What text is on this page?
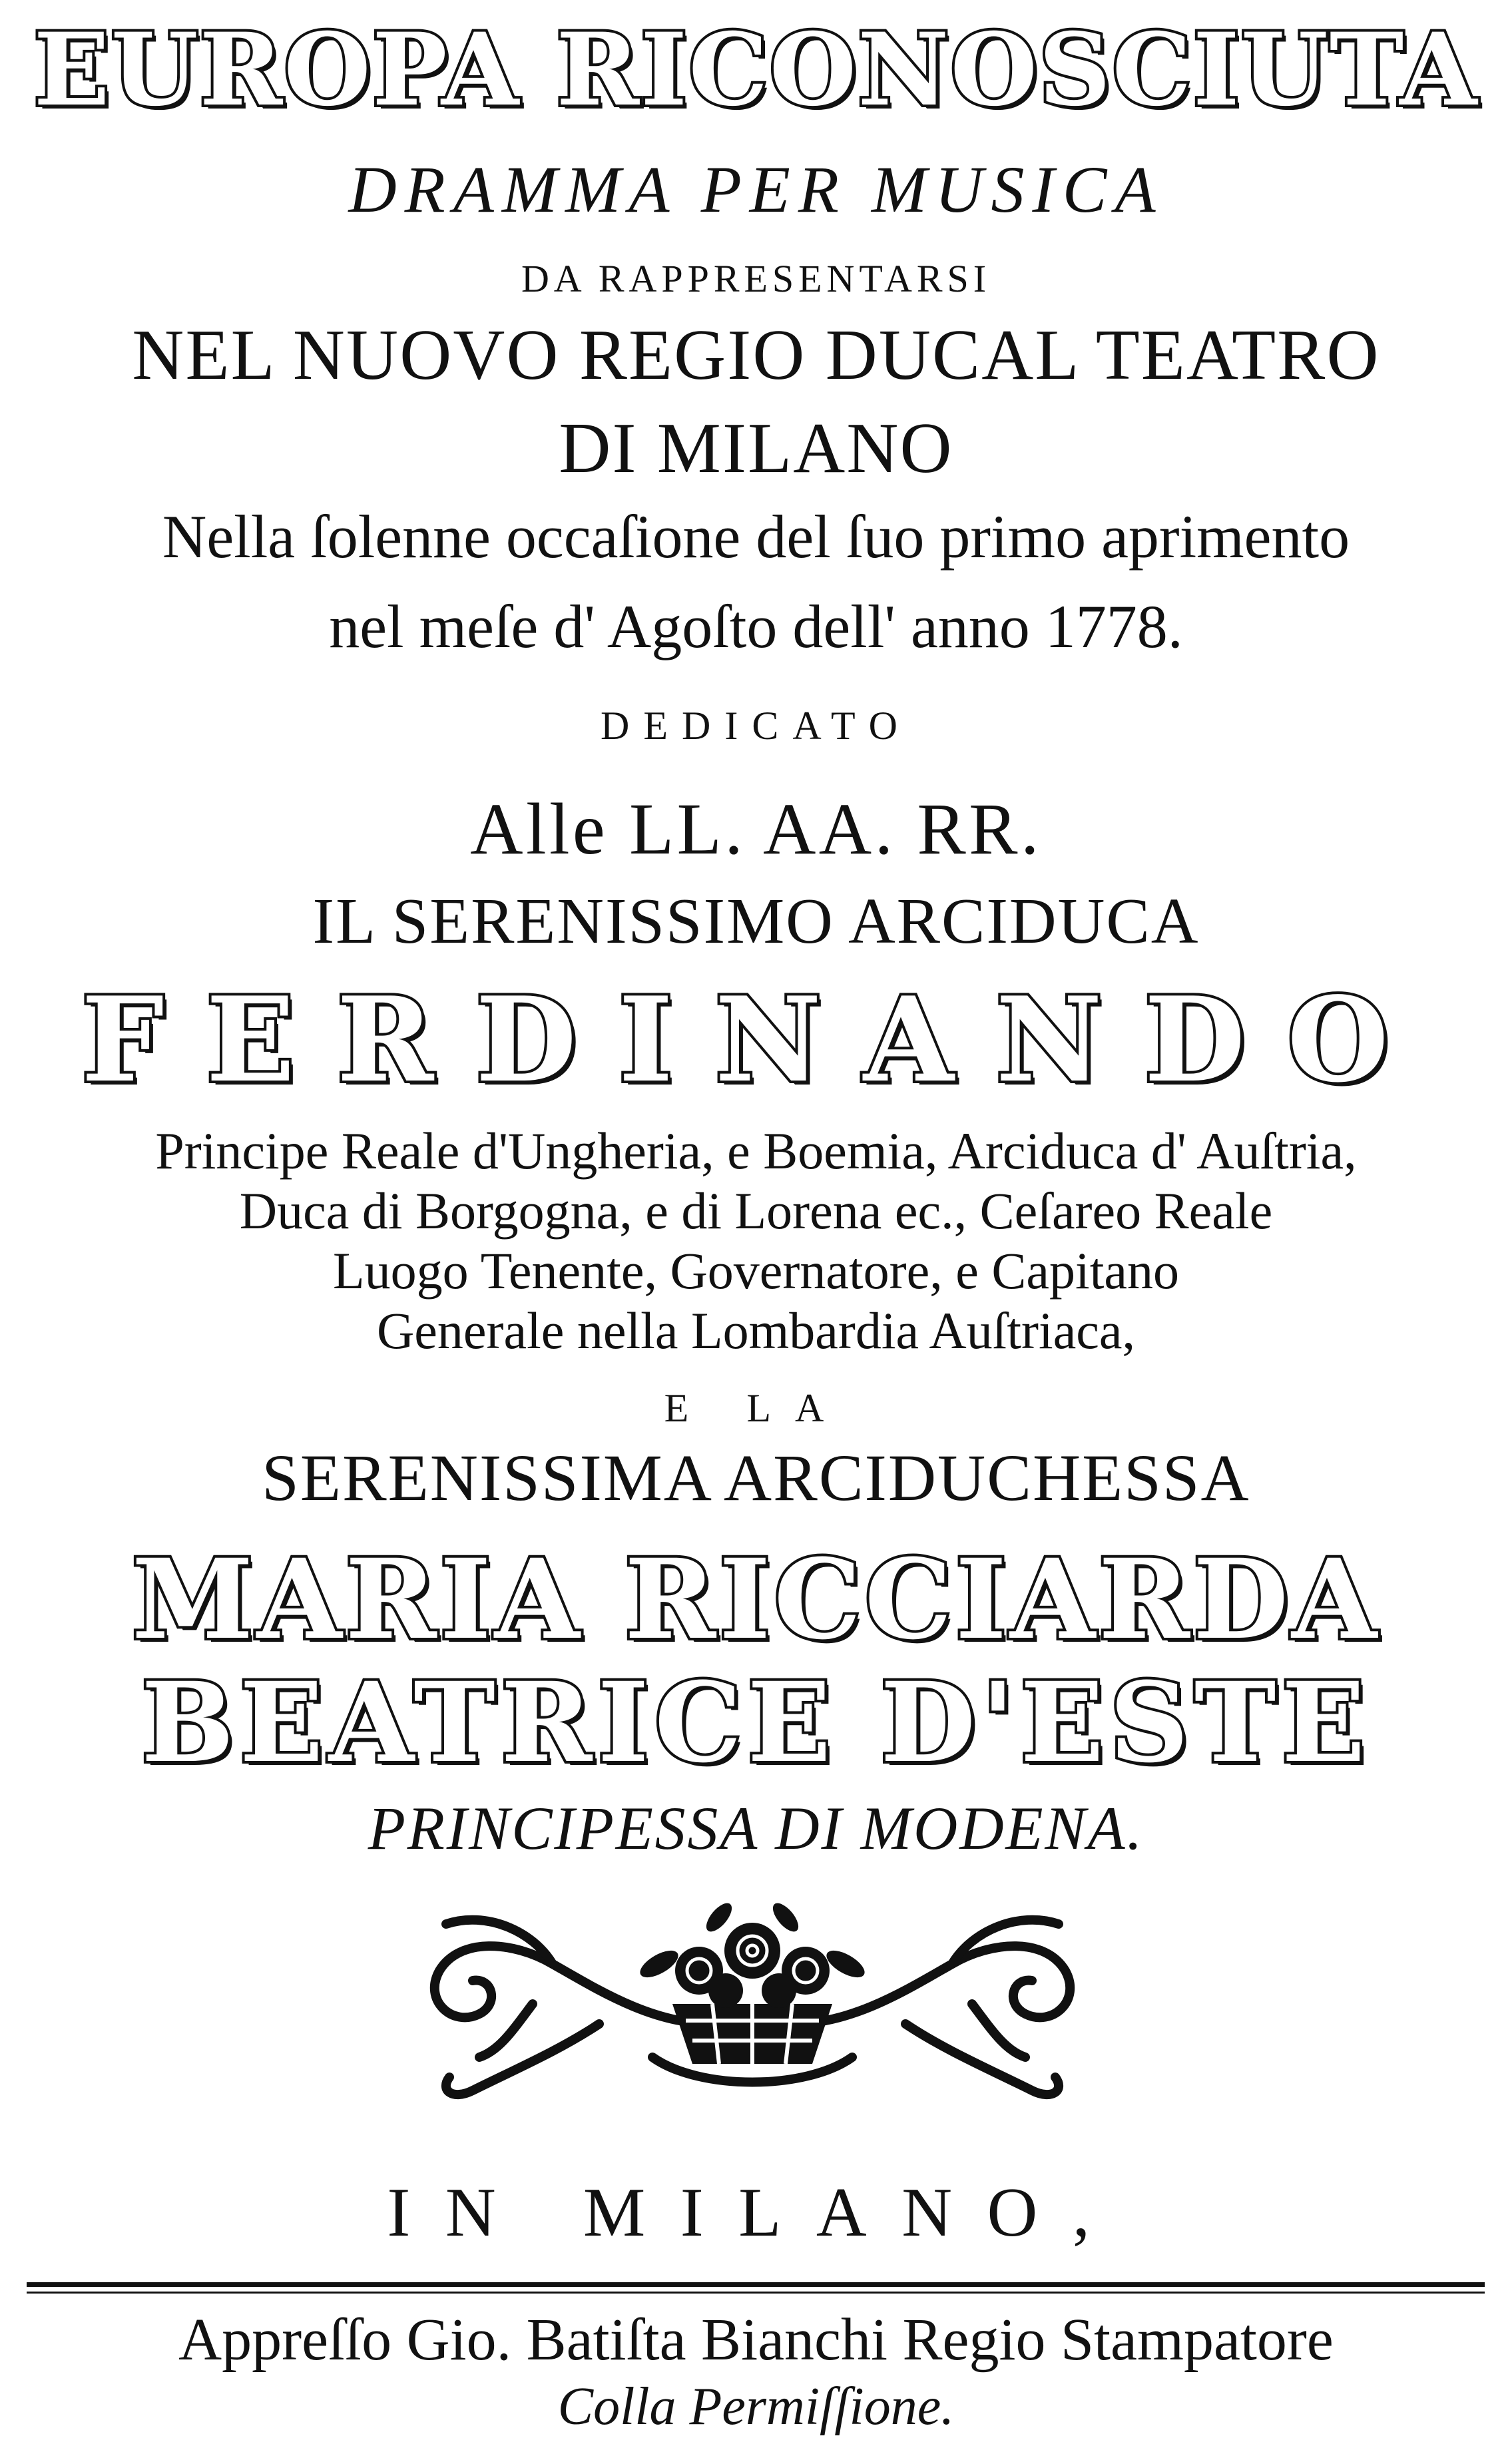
EUROPA RICONOSCIUTA
DRAMMA PER MUSICA
DA RAPPRESENTARSI
NEL NUOVO REGIO DUCAL TEATRO
DI MILANO
Nella ſolenne occaſione del ſuo primo aprimento
nel meſe d' Agoſto dell' anno 1778.
DEDICATO
Alle LL. AA. RR.
IL SERENISSIMO ARCIDUCA
FERDINANDO
Principe Reale d'Ungheria, e Boemia, Arciduca d' Auſtria,
Duca di Borgogna, e di Lorena ec., Ceſareo Reale
Luogo Tenente, Governatore, e Capitano
Generale nella Lombardia Auſtriaca,
E LA
SERENISSIMA ARCIDUCHESSA
MARIA RICCIARDA
BEATRICE D'ESTE
PRINCIPESSA DI MODENA.
IN MILANO,
Appreſſo Gio. Batiſta Bianchi Regio Stampatore
Colla Permiſſione.
